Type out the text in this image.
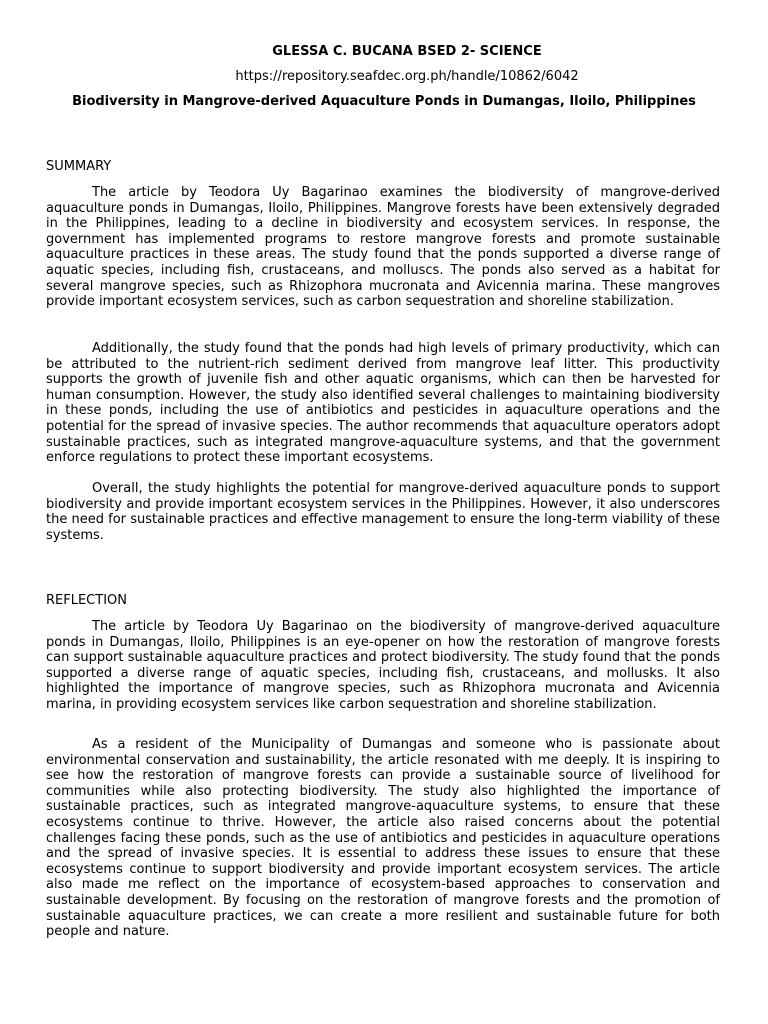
GLESSA C. BUCANA BSED 2- SCIENCE
https://repository.seafdec.org.ph/handle/10862/6042
Biodiversity in Mangrove-derived Aquaculture Ponds in Dumangas, Iloilo, Philippines
SUMMARY

The article by Teodora Uy Bagarinao examines the biodiversity of mangrove-derived aquaculture ponds in Dumangas, Iloilo, Philippines. Mangrove forests have been extensively degraded in the Philippines, leading to a decline in biodiversity and ecosystem services. In response, the government has implemented programs to restore mangrove forests and promote sustainable aquaculture practices in these areas. The study found that the ponds supported a diverse range of aquatic species, including fish, crustaceans, and molluscs. The ponds also served as a habitat for several mangrove species, such as Rhizophora mucronata and Avicennia marina. These mangroves provide important ecosystem services, such as carbon sequestration and shoreline stabilization.

Additionally, the study found that the ponds had high levels of primary productivity, which can be attributed to the nutrient-rich sediment derived from mangrove leaf litter. This productivity supports the growth of juvenile fish and other aquatic organisms, which can then be harvested for human consumption. However, the study also identified several challenges to maintaining biodiversity in these ponds, including the use of antibiotics and pesticides in aquaculture operations and the potential for the spread of invasive species. The author recommends that aquaculture operators adopt sustainable practices, such as integrated mangrove-aquaculture systems, and that the government enforce regulations to protect these important ecosystems.

Overall, the study highlights the potential for mangrove-derived aquaculture ponds to support biodiversity and provide important ecosystem services in the Philippines. However, it also underscores the need for sustainable practices and effective management to ensure the long-term viability of these systems.

REFLECTION

The article by Teodora Uy Bagarinao on the biodiversity of mangrove-derived aquaculture ponds in Dumangas, Iloilo, Philippines is an eye-opener on how the restoration of mangrove forests can support sustainable aquaculture practices and protect biodiversity. The study found that the ponds supported a diverse range of aquatic species, including fish, crustaceans, and mollusks. It also highlighted the importance of mangrove species, such as Rhizophora mucronata and Avicennia marina, in providing ecosystem services like carbon sequestration and shoreline stabilization.

As a resident of the Municipality of Dumangas and someone who is passionate about environmental conservation and sustainability, the article resonated with me deeply. It is inspiring to see how the restoration of mangrove forests can provide a sustainable source of livelihood for communities while also protecting biodiversity. The study also highlighted the importance of sustainable practices, such as integrated mangrove-aquaculture systems, to ensure that these ecosystems continue to thrive. However, the article also raised concerns about the potential challenges facing these ponds, such as the use of antibiotics and pesticides in aquaculture operations and the spread of invasive species. It is essential to address these issues to ensure that these ecosystems continue to support biodiversity and provide important ecosystem services. The article also made me reflect on the importance of ecosystem-based approaches to conservation and sustainable development. By focusing on the restoration of mangrove forests and the promotion of sustainable aquaculture practices, we can create a more resilient and sustainable future for both people and nature.
